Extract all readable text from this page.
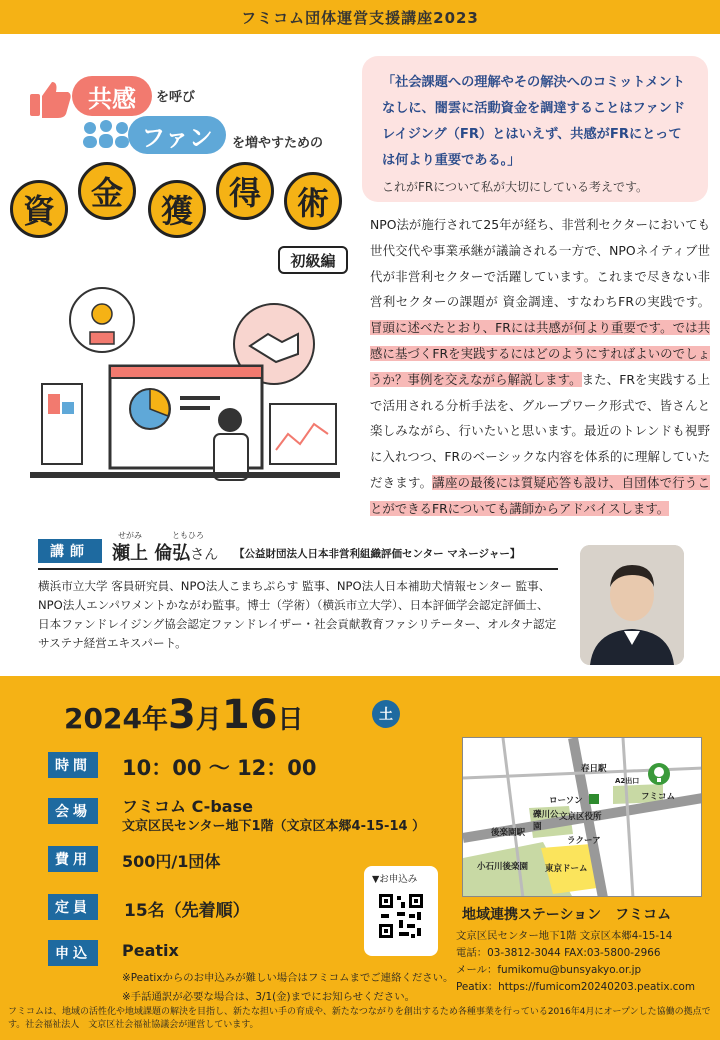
フミコム団体運営支援講座2023
共感	を呼び
ファン	を増やすための
資	金	獲	得	術
初級編

「社会課題への理解やその解決へのコミットメントなしに、闇雲に活動資金を調達することはファンドレイジング（FR）とはいえず、共感がFRにとっては何より重要である。」

これがFRについて私が大切にしている考えです。

NPO法が施行されて25年が経ち、非営利セクターにおいても世代交代や事業承継が議論される一方で、NPOネイティブ世代が非営利セクターで活躍しています。これまで尽きない非営利セクターの課題が 資金調達、すなわちFRの実践です。冒頭に述べたとおり、FRには共感が何より重要です。では共感に基づくFRを実践するにはどのようにすればよいのでしょうか？事例を交えながら解説します。また、FRを実践する上で活用される分析手法を、グループワーク形式で、皆さんと楽しみながら、行いたいと思います。最近のトレンドも視野に入れつつ、FRのベーシックな内容を体系的に理解していただきます。講座の最後には質疑応答も設け、自団体で行うことができるFRについても講師からアドバイスします。
講師
せがみ	ともひろ
瀬上 倫弘さん 【公益財団法人日本非営利組織評価センター マネージャー】
横浜市立大学 客員研究員、NPO法人こまちぷらす 監事、NPO法人日本補助犬情報センター 監事、NPO法人エンパワメントかながわ監事。博士（学術）（横浜市立大学）、日本評価学会認定評価士、日本ファンドレイジング協会認定ファンドレイザー・社会貢献教育ファシリテーター、オルタナ認定サステナ経営エキスパート。
2024 年 3 月 16 日	土
時間	10：00 〜 12：00
会場	フミコム C-base
文京区民センター地下1階（文京区本郷4-15-14 ）
費用	500円/1団体
定員	15名（先着順）
申込	Peatix
※Peatixからのお申込みが難しい場合はフミコムまでご連絡ください。
※手話通訳が必要な場合は、3/1(金)までにお知らせください。
▼お申込み
春日駅
A2出口
フミコム
ローソン
礫川公園
文京区役所
後楽園駅
ラクーア
小石川後楽園 東京ドーム
地域連携ステーション　フミコム
文京区民センター地下1階 文京区本郷4-15-14
電話：03-3812-3044 FAX:03-5800-2966
メール：fumikomu@bunsyakyo.or.jp
Peatix：https://fumicom20240203.peatix.com
フミコムは、地域の活性化や地域課題の解決を目指し、新たな担い手の育成や、新たなつながりを創出するため各種事業を行っている2016年4月にオープンした協働の拠点です。社会福祉法人　文京区社会福祉協議会が運営しています。
